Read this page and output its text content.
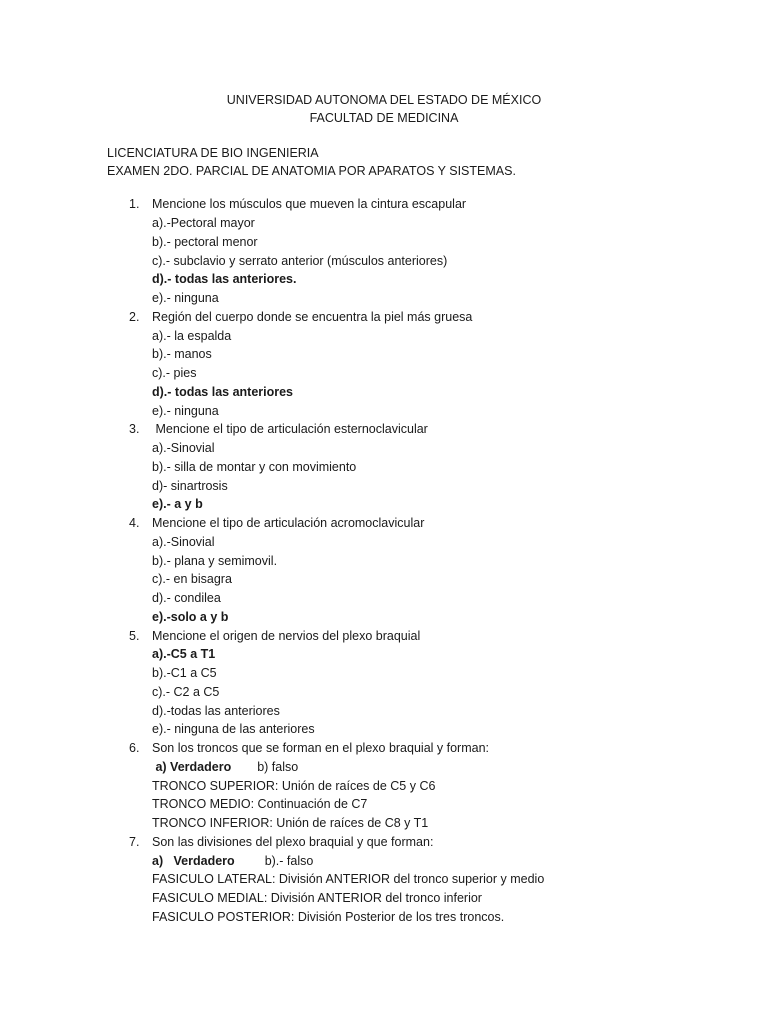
UNIVERSIDAD AUTONOMA DEL ESTADO DE MÉXICO
FACULTAD DE MEDICINA
LICENCIATURA DE BIO INGENIERIA
EXAMEN 2DO. PARCIAL DE ANATOMIA POR APARATOS Y SISTEMAS.
1. Mencione los músculos que mueven la cintura escapular
a).-Pectoral mayor
b).- pectoral menor
c).- subclavio y serrato anterior (músculos anteriores)
d).- todas las anteriores.
e).- ninguna
2. Región del cuerpo donde se encuentra la piel más gruesa
a).- la espalda
b).- manos
c).- pies
d).- todas las anteriores
e).- ninguna
3. Mencione el tipo de articulación esternoclavicular
a).-Sinovial
b).- silla de montar y con movimiento
d)- sinartrosis
e).- a y b
4. Mencione el tipo de articulación acromoclavicular
a).-Sinovial
b).- plana y semimovil.
c).- en bisagra
d).- condilea
e).-solo a y b
5. Mencione el origen de nervios del plexo braquial
a).-C5 a T1
b).-C1 a C5
c).- C2 a C5
d).-todas las anteriores
e).- ninguna de las anteriores
6. Son los troncos que se forman en el plexo braquial y forman:
a) Verdadero b) falso
TRONCO SUPERIOR: Unión de raíces de C5 y C6
TRONCO MEDIO: Continuación de C7
TRONCO INFERIOR: Unión de raíces de C8 y T1
7. Son las divisiones del plexo braquial y que forman:
a)   Verdadero b).- falso
FASICULO LATERAL: División ANTERIOR del tronco superior y medio
FASICULO MEDIAL: División ANTERIOR del tronco inferior
FASICULO POSTERIOR: División Posterior de los tres troncos.
